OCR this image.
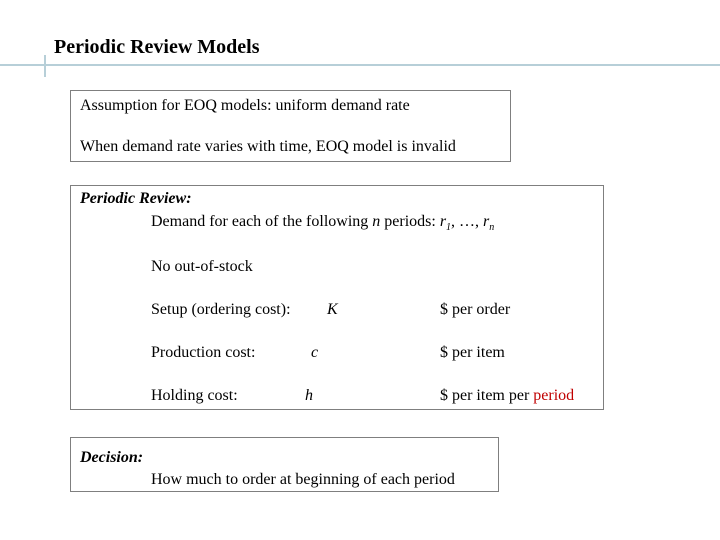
Periodic Review Models
Assumption for EOQ models: uniform demand rate
When demand rate varies with time, EOQ model is invalid
Periodic Review:
Demand for each of the following n periods: $r_1$, …, $r_n$
No out-of-stock
Setup (ordering cost): K	$ per order
Production cost:	c	$ per item
Holding cost:	h	$ per item per period
Decision:
How much to order at beginning of each period
